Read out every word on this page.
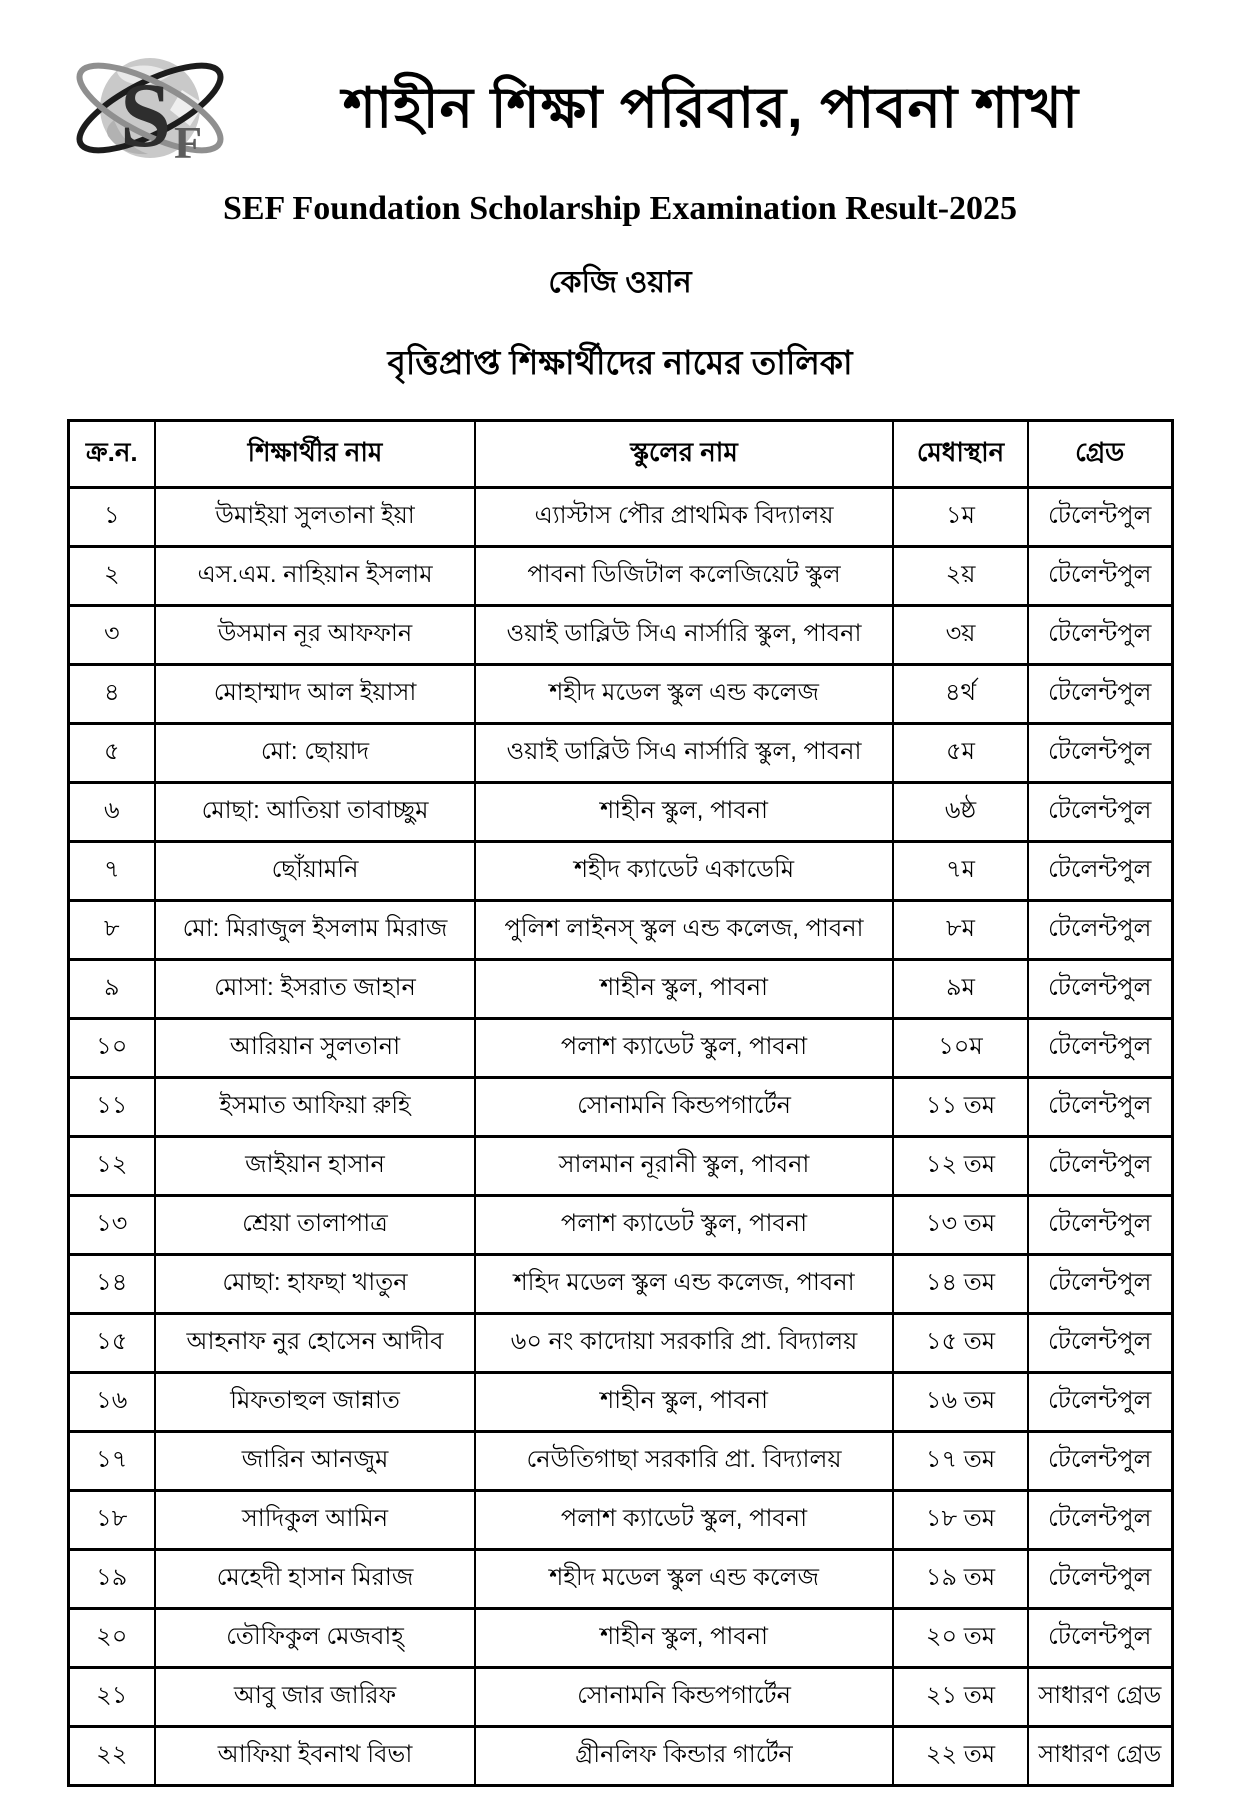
S F
শাহীন শিক্ষা পরিবার, পাবনা শাখা
SEF Foundation Scholarship Examination Result-2025
কেজি ওয়ান
বৃত্তিপ্রাপ্ত শিক্ষার্থীদের নামের তালিকা
ক্র.ন.	শিক্ষার্থীর নাম	স্কুলের নাম	মেধাস্থান	গ্রেড
১	উমাইয়া সুলতানা ইয়া	এ্যাস্টাস পৌর প্রাথমিক বিদ্যালয়	১ম	টেলেন্টপুল
২	এস.এম. নাহিয়ান ইসলাম	পাবনা ডিজিটাল কলেজিয়েট স্কুল	২য়	টেলেন্টপুল
৩	উসমান নূর আফফান	ওয়াই ডাব্লিউ সিএ নার্সারি স্কুল, পাবনা	৩য়	টেলেন্টপুল
৪	মোহাম্মাদ আল ইয়াসা	শহীদ মডেল স্কুল এন্ড কলেজ	৪র্থ	টেলেন্টপুল
৫	মো: ছোয়াদ	ওয়াই ডাব্লিউ সিএ নার্সারি স্কুল, পাবনা	৫ম	টেলেন্টপুল
৬	মোছা: আতিয়া তাবাচ্ছুম	শাহীন স্কুল, পাবনা	৬ষ্ঠ	টেলেন্টপুল
৭	ছোঁয়ামনি	শহীদ ক্যাডেট একাডেমি	৭ম	টেলেন্টপুল
৮	মো: মিরাজুল ইসলাম মিরাজ	পুলিশ লাইনস্ স্কুল এন্ড কলেজ, পাবনা	৮ম	টেলেন্টপুল
৯	মোসা: ইসরাত জাহান	শাহীন স্কুল, পাবনা	৯ম	টেলেন্টপুল
১০	আরিয়ান সুলতানা	পলাশ ক্যাডেট স্কুল, পাবনা	১০ম	টেলেন্টপুল
১১	ইসমাত আফিয়া রুহি	সোনামনি কিন্ডপগার্টেন	১১ তম	টেলেন্টপুল
১২	জাইয়ান হাসান	সালমান নূরানী স্কুল, পাবনা	১২ তম	টেলেন্টপুল
১৩	শ্রেয়া তালাপাত্র	পলাশ ক্যাডেট স্কুল, পাবনা	১৩ তম	টেলেন্টপুল
১৪	মোছা: হাফছা খাতুন	শহিদ মডেল স্কুল এন্ড কলেজ, পাবনা	১৪ তম	টেলেন্টপুল
১৫	আহনাফ নুর হোসেন আদীব	৬০ নং কাদোয়া সরকারি প্রা. বিদ্যালয়	১৫ তম	টেলেন্টপুল
১৬	মিফতাহুল জান্নাত	শাহীন স্কুল, পাবনা	১৬ তম	টেলেন্টপুল
১৭	জারিন আনজুম	নেউতিগাছা সরকারি প্রা. বিদ্যালয়	১৭ তম	টেলেন্টপুল
১৮	সাদিকুল আমিন	পলাশ ক্যাডেট স্কুল, পাবনা	১৮ তম	টেলেন্টপুল
১৯	মেহেদী হাসান মিরাজ	শহীদ মডেল স্কুল এন্ড কলেজ	১৯ তম	টেলেন্টপুল
২০	তৌফিকুল মেজবাহ্	শাহীন স্কুল, পাবনা	২০ তম	টেলেন্টপুল
২১	আবু জার জারিফ	সোনামনি কিন্ডপগার্টেন	২১ তম	সাধারণ গ্রেড
২২	আফিয়া ইবনাথ বিভা	গ্রীনলিফ কিন্ডার গার্টেন	২২ তম	সাধারণ গ্রেড
